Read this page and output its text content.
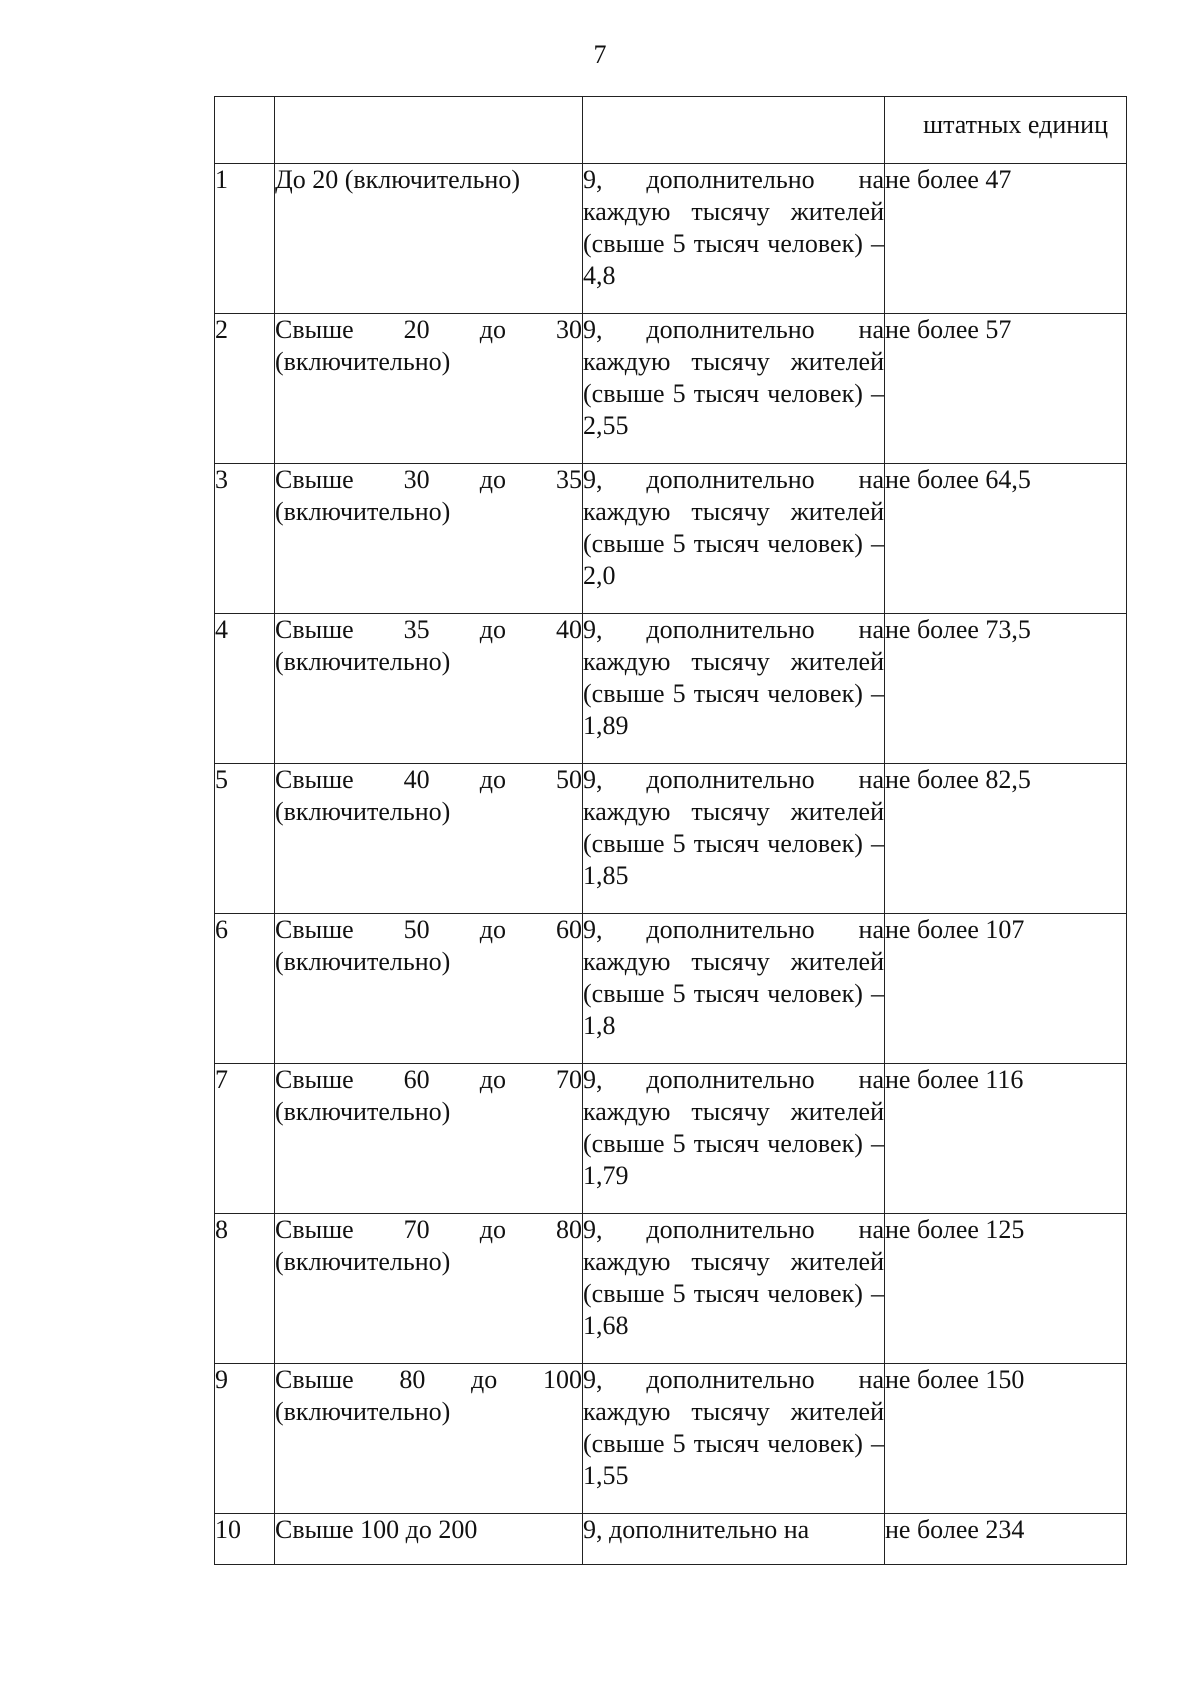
7
			штатных единиц
1	До 20 (включительно)	9, дополнительно на каждую тысячу жителей (свыше 5 тысяч человек) – 4,8	не более 47
2	Свыше 20 до 30 (включительно)	9, дополнительно на каждую тысячу жителей (свыше 5 тысяч человек) – 2,55	не более 57
3	Свыше 30 до 35 (включительно)	9, дополнительно на каждую тысячу жителей (свыше 5 тысяч человек) – 2,0	не более 64,5
4	Свыше 35 до 40 (включительно)	9, дополнительно на каждую тысячу жителей (свыше 5 тысяч человек) – 1,89	не более 73,5
5	Свыше 40 до 50 (включительно)	9, дополнительно на каждую тысячу жителей (свыше 5 тысяч человек) – 1,85	не более 82,5
6	Свыше 50 до 60 (включительно)	9, дополнительно на каждую тысячу жителей (свыше 5 тысяч человек) – 1,8	не более 107
7	Свыше 60 до 70 (включительно)	9, дополнительно на каждую тысячу жителей (свыше 5 тысяч человек) – 1,79	не более 116
8	Свыше 70 до 80 (включительно)	9, дополнительно на каждую тысячу жителей (свыше 5 тысяч человек) – 1,68	не более 125
9	Свыше 80 до 100 (включительно)	9, дополнительно на каждую тысячу жителей (свыше 5 тысяч человек) – 1,55	не более 150
10	Свыше 100 до 200	9, дополнительно на	не более 234
